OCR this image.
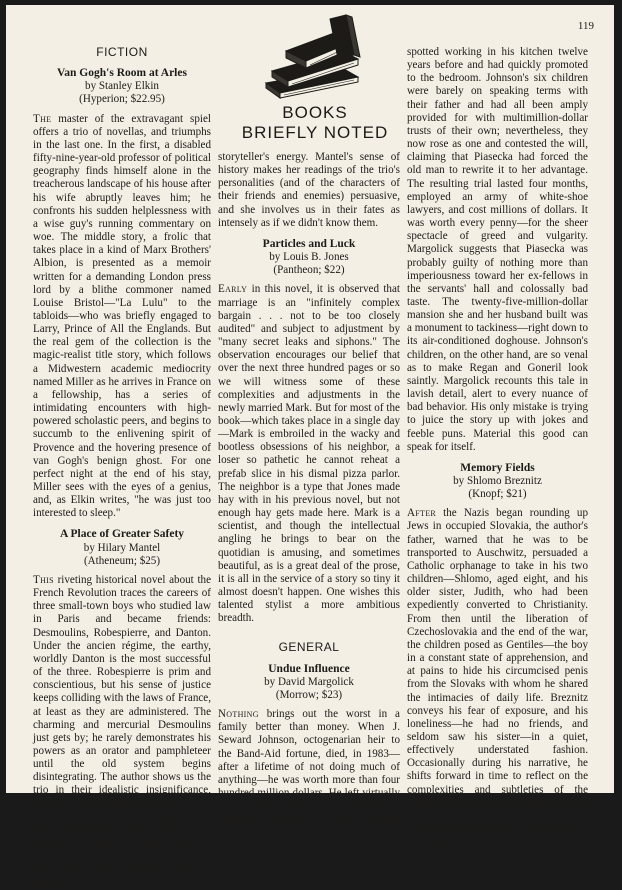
119
BOOKS
BRIEFLY NOTED
FICTION
Van Gogh's Room at Arles
by Stanley Elkin
(Hyperion; $22.95)

The master of the extravagant spiel offers a trio of novellas, and triumphs in the last one. In the first, a disabled fifty-nine-year-old professor of political geography finds himself alone in the treacherous landscape of his house after his wife abruptly leaves him; he confronts his sudden helplessness with a wise guy's running commentary on woe. The middle story, a frolic that takes place in a kind of Marx Brothers' Albion, is presented as a memoir written for a demanding London press lord by a blithe commoner named Louise Bristol—"La Lulu" to the tabloids—who was briefly engaged to Larry, Prince of All the Englands. But the real gem of the collection is the magic-realist title story, which follows a Midwestern academic mediocrity named Miller as he arrives in France on a fellowship, has a series of intimidating encounters with high-powered scholastic peers, and begins to succumb to the enlivening spirit of Provence and the hovering presence of van Gogh's benign ghost. For one perfect night at the end of his stay, Miller sees with the eyes of a genius, and, as Elkin writes, "he was just too interested to sleep."

A Place of Greater Safety
by Hilary Mantel
(Atheneum; $25)

This riveting historical novel about the French Revolution traces the careers of three small-town boys who studied law in Paris and became friends: Desmoulins, Robespierre, and Danton. Under the ancien régime, the earthy, worldly Danton is the most successful of the three. Robespierre is prim and conscientious, but his sense of justice keeps colliding with the laws of France, at least as they are administered. The charming and mercurial Desmoulins just gets by; he rarely demonstrates his powers as an orator and pamphleteer until the old system begins disintegrating. The author shows us the trio in their idealistic insignificance, serving such powerful leaders as the Duke of Orléans and Mirabeau and then supplanting their patrons to become the rulers of France and the makers of a revolution that devours them. The book overflows with a natural

storyteller's energy. Mantel's sense of history makes her readings of the trio's personalities (and of the characters of their friends and enemies) persuasive, and she involves us in their fates as intensely as if we didn't know them.

Particles and Luck
by Louis B. Jones
(Pantheon; $22)

Early in this novel, it is observed that marriage is an "infinitely complex bargain . . . not to be too closely audited" and subject to adjustment by "many secret leaks and siphons." The observation encourages our belief that over the next three hundred pages or so we will witness some of these complexities and adjustments in the newly married Mark. But for most of the book—which takes place in a single day—Mark is embroiled in the wacky and bootless obsessions of his neighbor, a loser so pathetic he cannot reheat a prefab slice in his dismal pizza parlor. The neighbor is a type that Jones made hay with in his previous novel, but not enough hay gets made here. Mark is a scientist, and though the intellectual angling he brings to bear on the quotidian is amusing, and sometimes beautiful, as is a great deal of the prose, it is all in the service of a story so tiny it almost doesn't happen. One wishes this talented stylist a more ambitious breadth.

GENERAL
Undue Influence
by David Margolick
(Morrow; $23)

Nothing brings out the worst in a family better than money. When J. Seward Johnson, octogenarian heir to the Band-Aid fortune, died, in 1983—after a lifetime of not doing much of anything—he was worth more than four hundred million dollars. He left virtually all of it to his forty-six-year-old widow, Barbara Piasecka, a Polish émigrée whom he had

spotted working in his kitchen twelve years before and had quickly promoted to the bedroom. Johnson's six children were barely on speaking terms with their father and had all been amply provided for with multimillion-dollar trusts of their own; nevertheless, they now rose as one and contested the will, claiming that Piasecka had forced the old man to rewrite it to her advantage. The resulting trial lasted four months, employed an army of white-shoe lawyers, and cost millions of dollars. It was worth every penny—for the sheer spectacle of greed and vulgarity. Margolick suggests that Piasecka was probably guilty of nothing more than imperiousness toward her ex-fellows in the servants' hall and colossally bad taste. The twenty-five-million-dollar mansion she and her husband built was a monument to tackiness—right down to its air-conditioned doghouse. Johnson's children, on the other hand, are so venal as to make Regan and Goneril look saintly. Margolick recounts this tale in lavish detail, alert to every nuance of bad behavior. His only mistake is trying to juice the story up with jokes and feeble puns. Material this good can speak for itself.

Memory Fields
by Shlomo Breznitz
(Knopf; $21)

After the Nazis began rounding up Jews in occupied Slovakia, the author's father, warned that he was to be transported to Auschwitz, persuaded a Catholic orphanage to take in his two children—Shlomo, aged eight, and his older sister, Judith, who had been expediently converted to Christianity. From then until the liberation of Czechoslovakia and the end of the war, the children posed as Gentiles—the boy in a constant state of apprehension, and at pains to hide his circumcised penis from the Slovaks with whom he shared the intimacies of daily life. Breznitz conveys his fear of exposure, and his loneliness—he had no friends, and seldom saw his sister—in a quiet, effectively understated fashion. Occasionally during his narrative, he shifts forward in time to reflect on the complexities and subtleties of the cruelty and the quixotic kindness that he experienced. His modest book is a revealing footnote in the vast archive of the Holocaust. ♦
